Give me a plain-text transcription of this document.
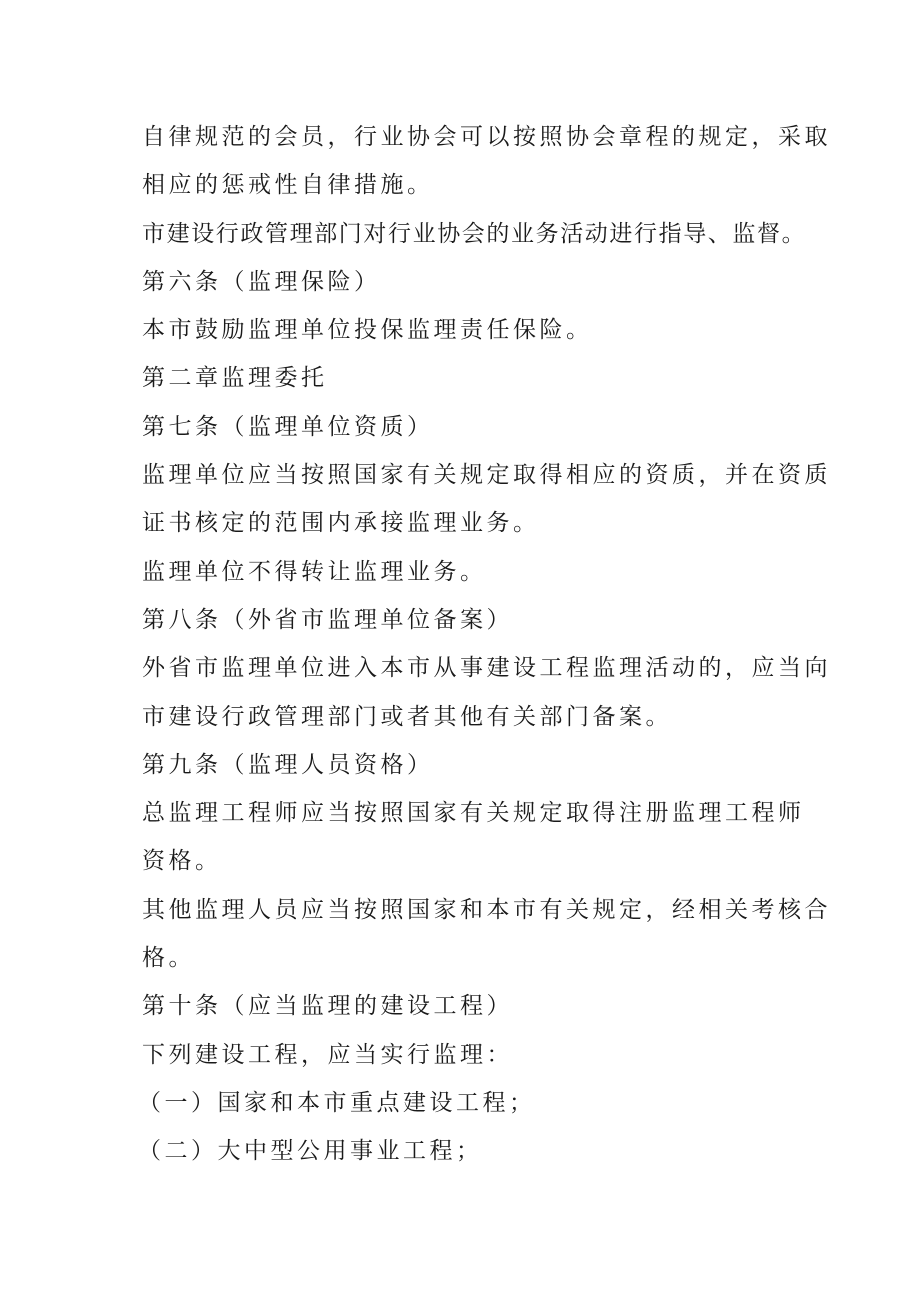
自律规范的会员，行业协会可以按照协会章程的规定，采取
相应的惩戒性自律措施。
市建设行政管理部门对行业协会的业务活动进行指导、监督。
第六条（监理保险）
本市鼓励监理单位投保监理责任保险。
第二章监理委托
第七条（监理单位资质）
监理单位应当按照国家有关规定取得相应的资质，并在资质
证书核定的范围内承接监理业务。
监理单位不得转让监理业务。
第八条（外省市监理单位备案）
外省市监理单位进入本市从事建设工程监理活动的，应当向
市建设行政管理部门或者其他有关部门备案。
第九条（监理人员资格）
总监理工程师应当按照国家有关规定取得注册监理工程师
资格。
其他监理人员应当按照国家和本市有关规定，经相关考核合
格。
第十条（应当监理的建设工程）
下列建设工程，应当实行监理：
（一）国家和本市重点建设工程；
（二）大中型公用事业工程；
